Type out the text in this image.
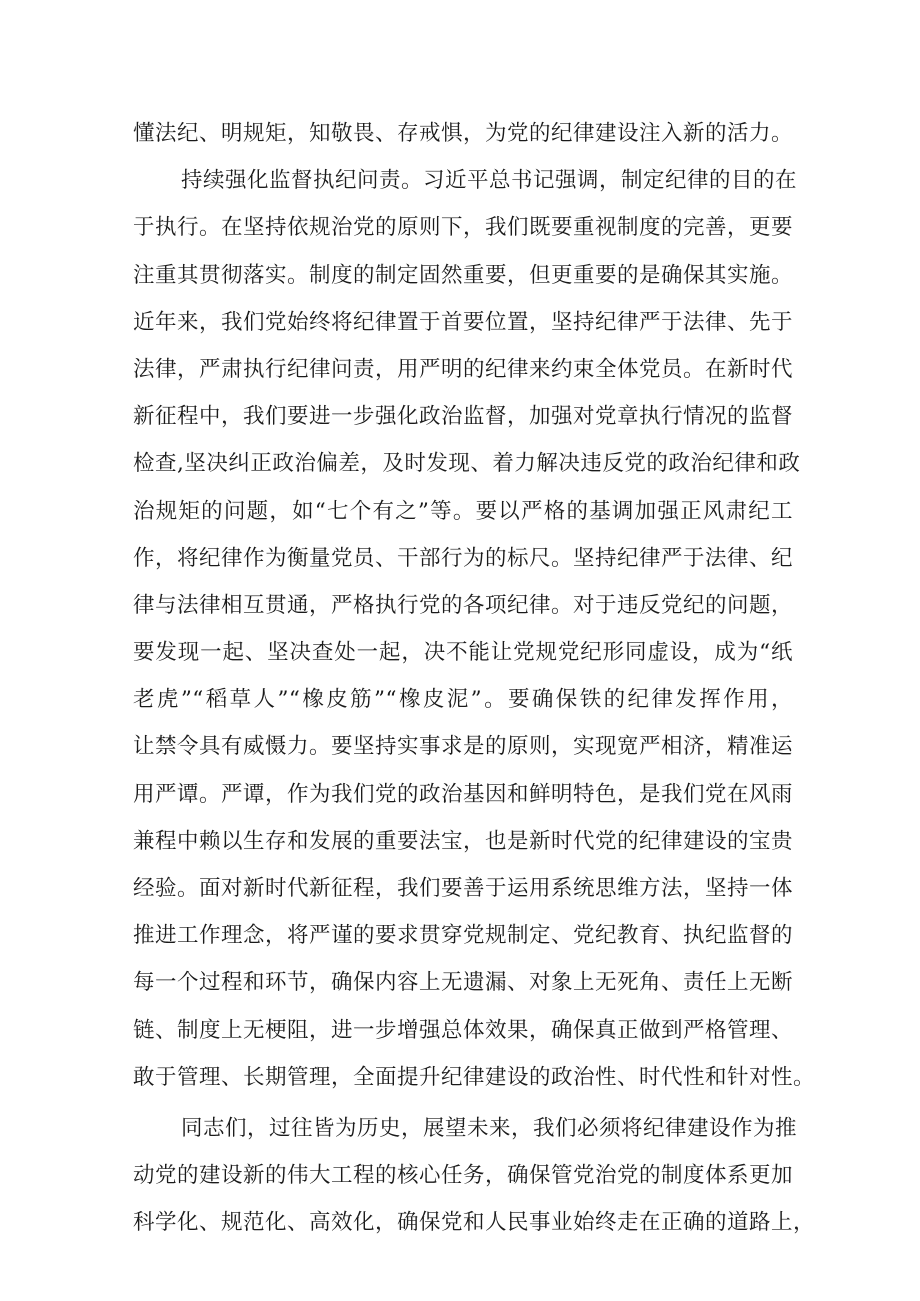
懂法纪、明规矩，知敬畏、存戒惧，为党的纪律建设注入新的活力。
持续强化监督执纪问责。习近平总书记强调，制定纪律的目的在
于执行。在坚持依规治党的原则下，我们既要重视制度的完善，更要
注重其贯彻落实。制度的制定固然重要，但更重要的是确保其实施。
近年来，我们党始终将纪律置于首要位置，坚持纪律严于法律、先于
法律，严肃执行纪律问责，用严明的纪律来约束全体党员。在新时代
新征程中，我们要进一步强化政治监督，加强对党章执行情况的监督
检查,坚决纠正政治偏差，及时发现、着力解决违反党的政治纪律和政
治规矩的问题，如“七个有之”等。要以严格的基调加强正风肃纪工
作，将纪律作为衡量党员、干部行为的标尺。坚持纪律严于法律、纪
律与法律相互贯通，严格执行党的各项纪律。对于违反党纪的问题，
要发现一起、坚决查处一起，决不能让党规党纪形同虚设，成为“纸
老虎”“稻草人”“橡皮筋”“橡皮泥”。要确保铁的纪律发挥作用，
让禁令具有威慑力。要坚持实事求是的原则，实现宽严相济，精准运
用严谭。严谭，作为我们党的政治基因和鲜明特色，是我们党在风雨
兼程中赖以生存和发展的重要法宝，也是新时代党的纪律建设的宝贵
经验。面对新时代新征程，我们要善于运用系统思维方法，坚持一体
推进工作理念，将严谨的要求贯穿党规制定、党纪教育、执纪监督的
每一个过程和环节，确保内容上无遗漏、对象上无死角、责任上无断
链、制度上无梗阻，进一步增强总体效果，确保真正做到严格管理、
敢于管理、长期管理，全面提升纪律建设的政治性、时代性和针对性。
同志们，过往皆为历史，展望未来，我们必须将纪律建设作为推
动党的建设新的伟大工程的核心任务，确保管党治党的制度体系更加
科学化、规范化、高效化，确保党和人民事业始终走在正确的道路上，
